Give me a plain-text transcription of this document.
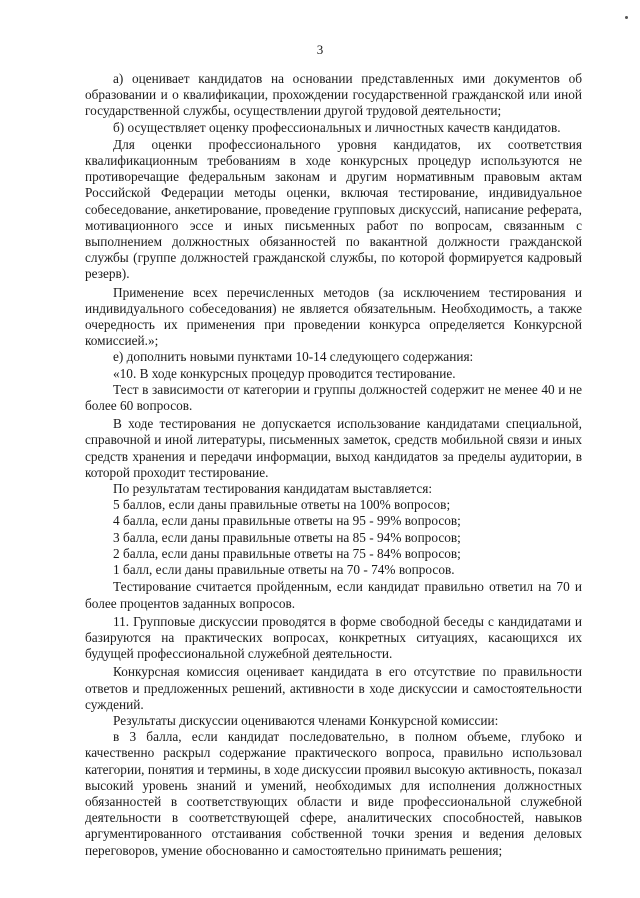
3

а) оценивает кандидатов на основании представленных ими документов об образовании и о квалификации, прохождении государственной гражданской или иной государственной службы, осуществлении другой трудовой деятельности;

б) осуществляет оценку профессиональных и личностных качеств кандидатов.

Для оценки профессионального уровня кандидатов, их соответствия квалификационным требованиям в ходе конкурсных процедур используются не противоречащие федеральным законам и другим нормативным правовым актам Российской Федерации методы оценки, включая тестирование, индивидуальное собеседование, анкетирование, проведение групповых дискуссий, написание реферата, мотивационного эссе и иных письменных работ по вопросам, связанным с выполнением должностных обязанностей по вакантной должности гражданской службы (группе должностей гражданской службы, по которой формируется кадровый резерв).

Применение всех перечисленных методов (за исключением тестирования и индивидуального собеседования) не является обязательным. Необходимость, а также очередность их применения при проведении конкурса определяется Конкурсной комиссией.»;

е) дополнить новыми пунктами 10-14 следующего содержания:

«10. В ходе конкурсных процедур проводится тестирование.

Тест в зависимости от категории и группы должностей содержит не менее 40 и не более 60 вопросов.

В ходе тестирования не допускается использование кандидатами специальной, справочной и иной литературы, письменных заметок, средств мобильной связи и иных средств хранения и передачи информации, выход кандидатов за пределы аудитории, в которой проходит тестирование.

По результатам тестирования кандидатам выставляется:

5 баллов, если даны правильные ответы на 100% вопросов;

4 балла, если даны правильные ответы на 95 - 99% вопросов;

3 балла, если даны правильные ответы на 85 - 94% вопросов;

2 балла, если даны правильные ответы на 75 - 84% вопросов;

1 балл, если даны правильные ответы на 70 - 74% вопросов.

Тестирование считается пройденным, если кандидат правильно ответил на 70 и более процентов заданных вопросов.

11. Групповые дискуссии проводятся в форме свободной беседы с кандидатами и базируются на практических вопросах, конкретных ситуациях, касающихся их будущей профессиональной служебной деятельности.

Конкурсная комиссия оценивает кандидата в его отсутствие по правильности ответов и предложенных решений, активности в ходе дискуссии и самостоятельности суждений.

Результаты дискуссии оцениваются членами Конкурсной комиссии:

в 3 балла, если кандидат последовательно, в полном объеме, глубоко и качественно раскрыл содержание практического вопроса, правильно использовал категории, понятия и термины, в ходе дискуссии проявил высокую активность, показал высокий уровень знаний и умений, необходимых для исполнения должностных обязанностей в соответствующих области и виде профессиональной служебной деятельности в соответствующей сфере, аналитических способностей, навыков аргументированного отстаивания собственной точки зрения и ведения деловых переговоров, умение обоснованно и самостоятельно принимать решения;
